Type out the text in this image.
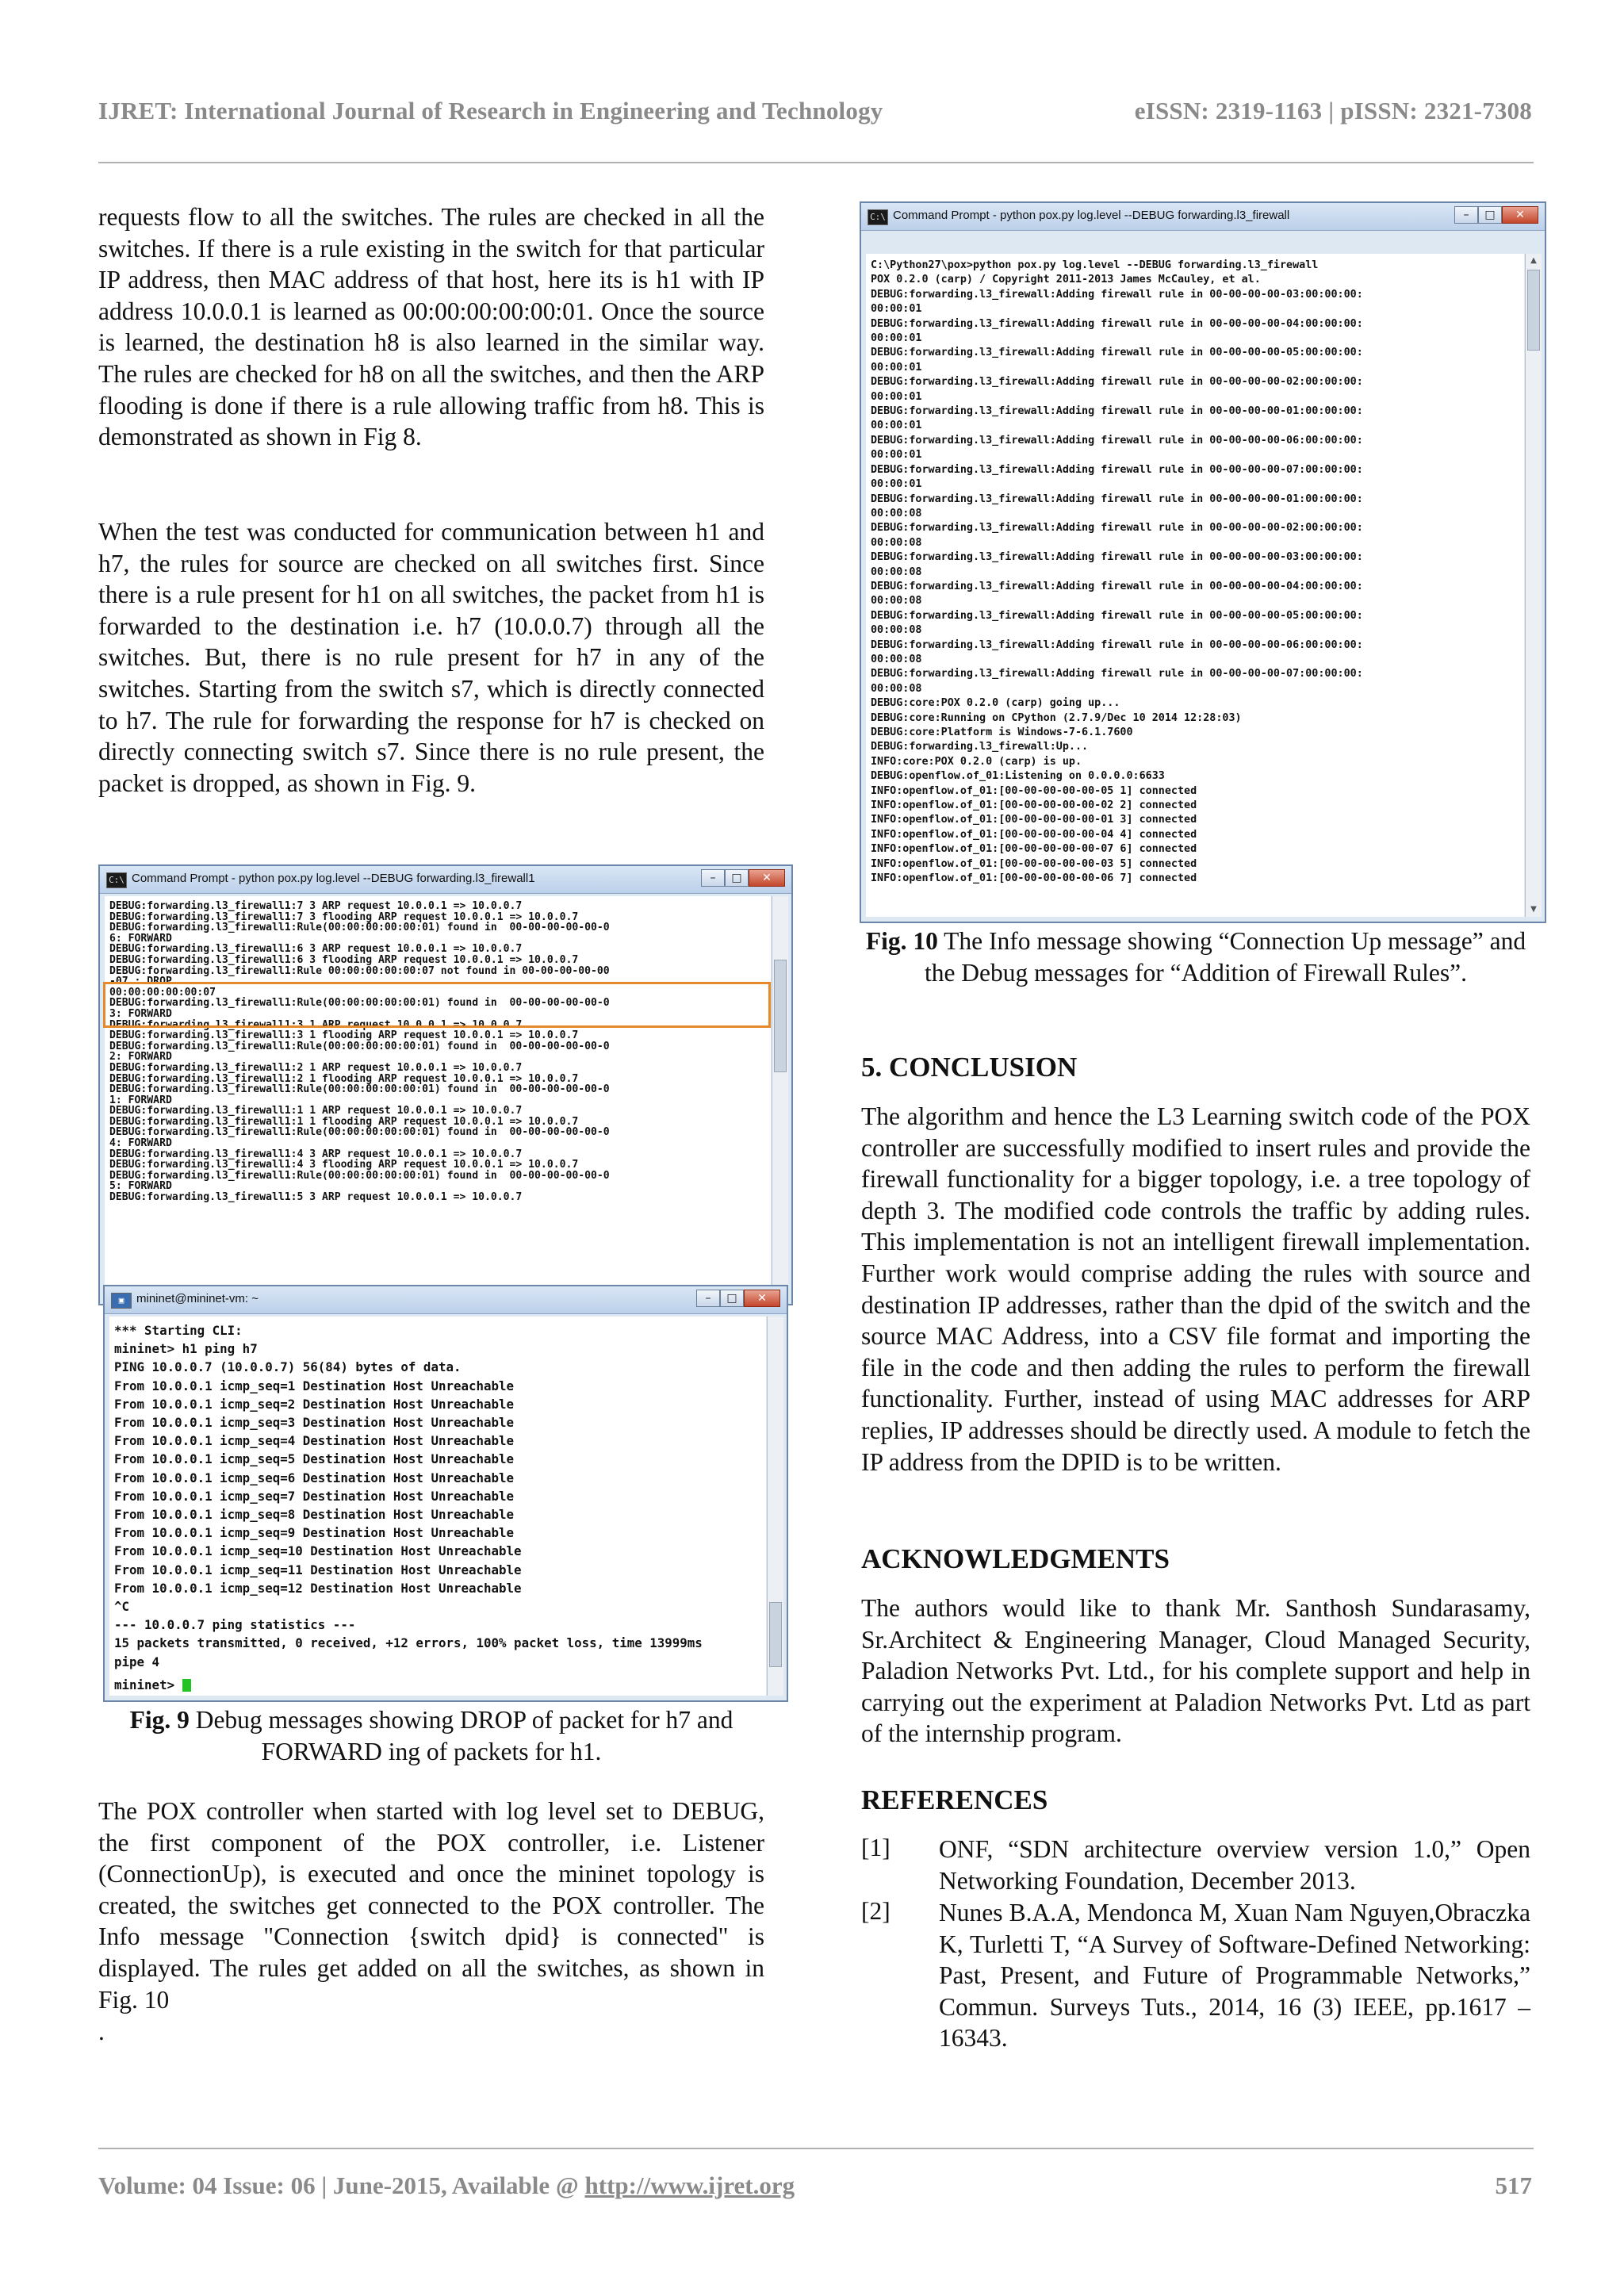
IJRET: International Journal of Research in Engineering and Technology	eISSN: 2319-1163 | pISSN: 2321-7308
requests flow to all the switches. The rules are checked in all the switches. If there is a rule existing in the switch for that particular IP address, then MAC address of that host, here its is h1 with IP address 10.0.0.1 is learned as 00:00:00:00:00:01. Once the source is learned, the destination h8 is also learned in the similar way. The rules are checked for h8 on all the switches, and then the ARP flooding is done if there is a rule allowing traffic from h8. This is demonstrated as shown in Fig 8.
When the test was conducted for communication between h1 and h7, the rules for source are checked on all switches first. Since there is a rule present for h1 on all switches, the packet from h1 is forwarded to the destination i.e. h7 (10.0.0.7) through all the switches. But, there is no rule present for h7 in any of the switches. Starting from the switch s7, which is directly connected to h7. The rule for forwarding the response for h7 is checked on directly connecting switch s7. Since there is no rule present, the packet is dropped, as shown in Fig. 9.
C:\ Command Prompt - python pox.py log.level --DEBUG forwarding.l3_firewall1	–	□	✕
DEBUG:forwarding.l3_firewall1:7 3 ARP request 10.0.0.1 => 10.0.0.7
DEBUG:forwarding.l3_firewall1:7 3 flooding ARP request 10.0.0.1 => 10.0.0.7
DEBUG:forwarding.l3_firewall1:Rule(00:00:00:00:00:01) found in  00-00-00-00-00-0
6: FORWARD
DEBUG:forwarding.l3_firewall1:6 3 ARP request 10.0.0.1 => 10.0.0.7
DEBUG:forwarding.l3_firewall1:6 3 flooding ARP request 10.0.0.1 => 10.0.0.7
DEBUG:forwarding.l3_firewall1:Rule 00:00:00:00:00:07 not found in 00-00-00-00-00
-07 : DROP
00:00:00:00:00:07
DEBUG:forwarding.l3_firewall1:Rule(00:00:00:00:00:01) found in  00-00-00-00-00-0
3: FORWARD
DEBUG:forwarding.l3_firewall1:3 1 ARP request 10.0.0.1 => 10.0.0.7
DEBUG:forwarding.l3_firewall1:3 1 flooding ARP request 10.0.0.1 => 10.0.0.7
DEBUG:forwarding.l3_firewall1:Rule(00:00:00:00:00:01) found in  00-00-00-00-00-0
2: FORWARD
DEBUG:forwarding.l3_firewall1:2 1 ARP request 10.0.0.1 => 10.0.0.7
DEBUG:forwarding.l3_firewall1:2 1 flooding ARP request 10.0.0.1 => 10.0.0.7
DEBUG:forwarding.l3_firewall1:Rule(00:00:00:00:00:01) found in  00-00-00-00-00-0
1: FORWARD
DEBUG:forwarding.l3_firewall1:1 1 ARP request 10.0.0.1 => 10.0.0.7
DEBUG:forwarding.l3_firewall1:1 1 flooding ARP request 10.0.0.1 => 10.0.0.7
DEBUG:forwarding.l3_firewall1:Rule(00:00:00:00:00:01) found in  00-00-00-00-00-0
4: FORWARD
DEBUG:forwarding.l3_firewall1:4 3 ARP request 10.0.0.1 => 10.0.0.7
DEBUG:forwarding.l3_firewall1:4 3 flooding ARP request 10.0.0.1 => 10.0.0.7
DEBUG:forwarding.l3_firewall1:Rule(00:00:00:00:00:01) found in  00-00-00-00-00-0
5: FORWARD
DEBUG:forwarding.l3_firewall1:5 3 ARP request 10.0.0.1 => 10.0.0.7
▣	mininet@mininet-vm: ~	–	□	✕
*** Starting CLI:
mininet> h1 ping h7
PING 10.0.0.7 (10.0.0.7) 56(84) bytes of data.
From 10.0.0.1 icmp_seq=1 Destination Host Unreachable
From 10.0.0.1 icmp_seq=2 Destination Host Unreachable
From 10.0.0.1 icmp_seq=3 Destination Host Unreachable
From 10.0.0.1 icmp_seq=4 Destination Host Unreachable
From 10.0.0.1 icmp_seq=5 Destination Host Unreachable
From 10.0.0.1 icmp_seq=6 Destination Host Unreachable
From 10.0.0.1 icmp_seq=7 Destination Host Unreachable
From 10.0.0.1 icmp_seq=8 Destination Host Unreachable
From 10.0.0.1 icmp_seq=9 Destination Host Unreachable
From 10.0.0.1 icmp_seq=10 Destination Host Unreachable
From 10.0.0.1 icmp_seq=11 Destination Host Unreachable
From 10.0.0.1 icmp_seq=12 Destination Host Unreachable
^C
--- 10.0.0.7 ping statistics ---
15 packets transmitted, 0 received, +12 errors, 100% packet loss, time 13999ms
pipe 4
mininet>
Fig. 9 Debug messages showing DROP of packet for h7 and FORWARD ing of packets for h1.
The POX controller when started with log level set to DEBUG, the first component of the POX controller, i.e. Listener (ConnectionUp), is executed and once the mininet topology is created, the switches get connected to the POX controller. The Info message "Connection {switch dpid} is connected" is displayed. The rules get added on all the switches, as shown in Fig. 10
.
C:\ Command Prompt - python pox.py log.level --DEBUG forwarding.l3_firewall	–	□	✕
C:\Python27\pox>python pox.py log.level --DEBUG forwarding.l3_firewall
POX 0.2.0 (carp) / Copyright 2011-2013 James McCauley, et al.
DEBUG:forwarding.l3_firewall:Adding firewall rule in 00-00-00-00-03:00:00:00:
00:00:01
DEBUG:forwarding.l3_firewall:Adding firewall rule in 00-00-00-00-04:00:00:00:
00:00:01
DEBUG:forwarding.l3_firewall:Adding firewall rule in 00-00-00-00-05:00:00:00:
00:00:01
DEBUG:forwarding.l3_firewall:Adding firewall rule in 00-00-00-00-02:00:00:00:
00:00:01
DEBUG:forwarding.l3_firewall:Adding firewall rule in 00-00-00-00-01:00:00:00:
00:00:01
DEBUG:forwarding.l3_firewall:Adding firewall rule in 00-00-00-00-06:00:00:00:
00:00:01
DEBUG:forwarding.l3_firewall:Adding firewall rule in 00-00-00-00-07:00:00:00:
00:00:01
DEBUG:forwarding.l3_firewall:Adding firewall rule in 00-00-00-00-01:00:00:00:
00:00:08
DEBUG:forwarding.l3_firewall:Adding firewall rule in 00-00-00-00-02:00:00:00:
00:00:08
DEBUG:forwarding.l3_firewall:Adding firewall rule in 00-00-00-00-03:00:00:00:
00:00:08
DEBUG:forwarding.l3_firewall:Adding firewall rule in 00-00-00-00-04:00:00:00:
00:00:08
DEBUG:forwarding.l3_firewall:Adding firewall rule in 00-00-00-00-05:00:00:00:
00:00:08
DEBUG:forwarding.l3_firewall:Adding firewall rule in 00-00-00-00-06:00:00:00:
00:00:08
DEBUG:forwarding.l3_firewall:Adding firewall rule in 00-00-00-00-07:00:00:00:
00:00:08
DEBUG:core:POX 0.2.0 (carp) going up...
DEBUG:core:Running on CPython (2.7.9/Dec 10 2014 12:28:03)
DEBUG:core:Platform is Windows-7-6.1.7600
DEBUG:forwarding.l3_firewall:Up...
INFO:core:POX 0.2.0 (carp) is up.
DEBUG:openflow.of_01:Listening on 0.0.0.0:6633
INFO:openflow.of_01:[00-00-00-00-00-05 1] connected
INFO:openflow.of_01:[00-00-00-00-00-02 2] connected
INFO:openflow.of_01:[00-00-00-00-00-01 3] connected
INFO:openflow.of_01:[00-00-00-00-00-04 4] connected
INFO:openflow.of_01:[00-00-00-00-00-07 6] connected
INFO:openflow.of_01:[00-00-00-00-00-03 5] connected
INFO:openflow.of_01:[00-00-00-00-00-06 7] connected
▲
▼
Fig. 10 The Info message showing “Connection Up message” and the Debug messages for “Addition of Firewall Rules”.
5. CONCLUSION
The algorithm and hence the L3 Learning switch code of the POX controller are successfully modified to insert rules and provide the firewall functionality for a bigger topology, i.e. a tree topology of depth 3. The modified code controls the traffic by adding rules. This implementation is not an intelligent firewall implementation. Further work would comprise adding the rules with source and destination IP addresses, rather than the dpid of the switch and the source MAC Address, into a CSV file format and importing the file in the code and then adding the rules to perform the firewall functionality. Further, instead of using MAC addresses for ARP replies, IP addresses should be directly used. A module to fetch the IP address from the DPID is to be written.
ACKNOWLEDGMENTS
The authors would like to thank Mr. Santhosh Sundarasamy, Sr.Architect & Engineering Manager, Cloud Managed Security, Paladion Networks Pvt. Ltd., for his complete support and help in carrying out the experiment at Paladion Networks Pvt. Ltd as part of the internship program.
REFERENCES
[1] ONF, “SDN architecture overview version 1.0,” Open Networking Foundation, December 2013.
[2] Nunes B.A.A, Mendonca M, Xuan Nam Nguyen,Obraczka K, Turletti T, “A Survey of Software-Defined Networking: Past, Present, and Future of Programmable Networks,” Commun. Surveys Tuts., 2014, 16 (3) IEEE, pp.1617 – 16343.
Volume: 04 Issue: 06 | June-2015, Available @ http://www.ijret.org	517
